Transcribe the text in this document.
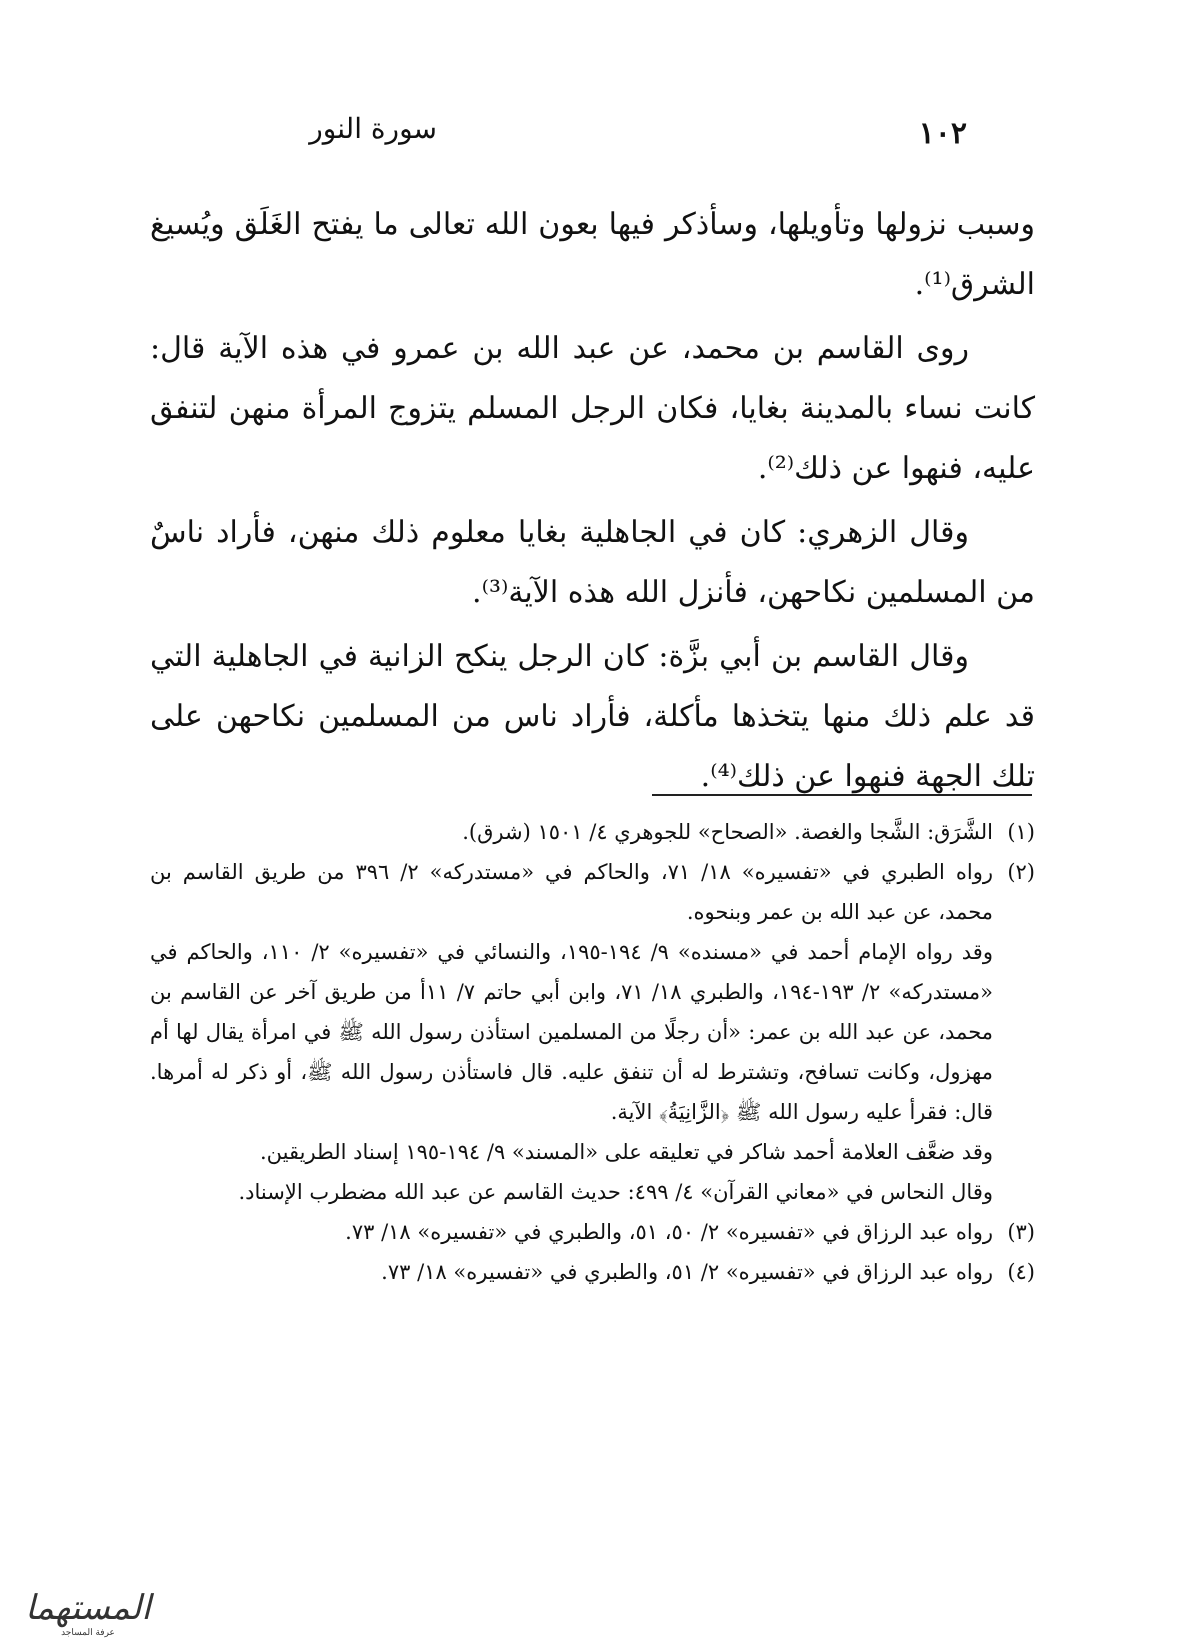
١٠٢
سورة النور

وسبب نزولها وتأويلها، وسأذكر فيها بعون الله تعالى ما يفتح الغَلَق ويُسيغ الشرق⁽¹⁾.

روى القاسم بن محمد، عن عبد الله بن عمرو في هذه الآية قال: كانت نساء بالمدينة بغايا، فكان الرجل المسلم يتزوج المرأة منهن لتنفق عليه، فنهوا عن ذلك⁽²⁾.

وقال الزهري: كان في الجاهلية بغايا معلوم ذلك منهن، فأراد ناسٌ من المسلمين نكاحهن، فأنزل الله هذه الآية⁽³⁾.

وقال القاسم بن أبي بزَّة: كان الرجل ينكح الزانية في الجاهلية التي قد علم ذلك منها يتخذها مأكلة، فأراد ناس من المسلمين نكاحهن على تلك الجهة فنهوا عن ذلك⁽⁴⁾.

(١)

الشَّرَق: الشَّجا والغصة. «الصحاح» للجوهري ٤/ ١٥٠١ (شرق).

(٢)

رواه الطبري في «تفسيره» ١٨/ ٧١، والحاكم في «مستدركه» ٢/ ٣٩٦ من طريق القاسم بن محمد، عن عبد الله بن عمر وبنحوه.

وقد رواه الإمام أحمد في «مسنده» ٩/ ١٩٤-١٩٥، والنسائي في «تفسيره» ٢/ ١١٠، والحاكم في «مستدركه» ٢/ ١٩٣-١٩٤، والطبري ١٨/ ٧١، وابن أبي حاتم ٧/ ١١أ من طريق آخر عن القاسم بن محمد، عن عبد الله بن عمر: «أن رجلًا من المسلمين استأذن رسول الله ﷺ في امرأة يقال لها أم مهزول، وكانت تسافح، وتشترط له أن تنفق عليه. قال فاستأذن رسول الله ﷺ، أو ذكر له أمرها. قال: فقرأ عليه رسول الله ﷺ ﴿الزَّانِيَةُ﴾ الآية.

وقد ضعَّف العلامة أحمد شاكر في تعليقه على «المسند» ٩/ ١٩٤-١٩٥ إسناد الطريقين.

وقال النحاس في «معاني القرآن» ٤/ ٤٩٩: حديث القاسم عن عبد الله مضطرب الإسناد.

(٣)

رواه عبد الرزاق في «تفسيره» ٢/ ٥٠، ٥١، والطبري في «تفسيره» ١٨/ ٧٣.

(٤)

رواه عبد الرزاق في «تفسيره» ٢/ ٥١، والطبري في «تفسيره» ١٨/ ٧٣.

المستهما
عرفة المساجد
